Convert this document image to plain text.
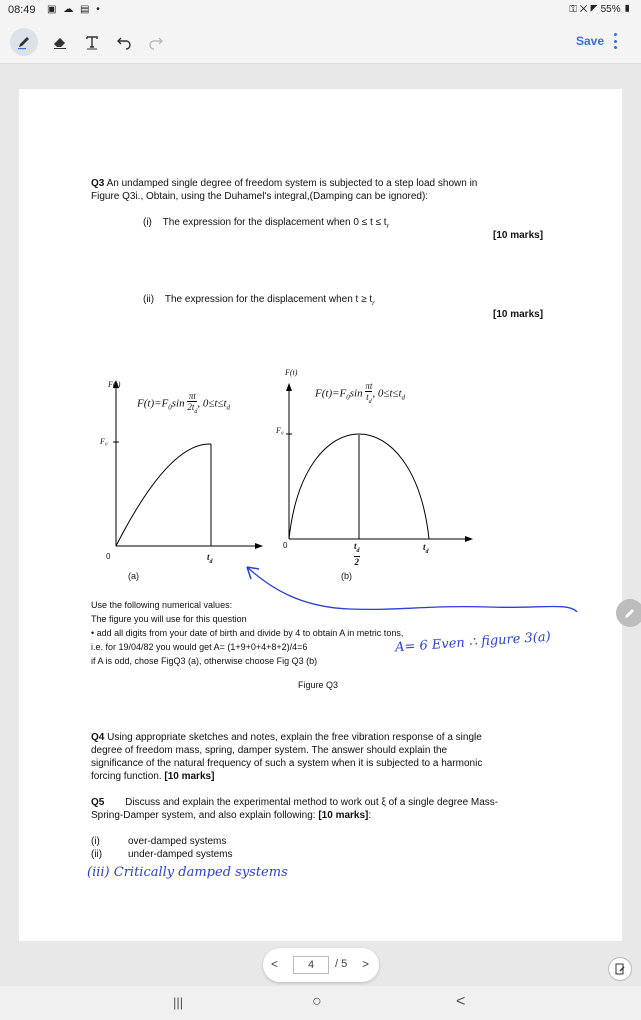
08:49 ▣ ☁ ▤ •	⚿ ✕ ◤ 55% ▮
Save
Q3 An undamped single degree of freedom system is subjected to a step load shown in
Figure Q3i., Obtain, using the Duhamel's integral,(Damping can be ignored):
(i) The expression for the displacement when $0 \le t \le t_r$
[10 marks]
(ii) The expression for the displacement when $t \ge t_r$
[10 marks]
F(t)
$F(t)=F_0\sin \frac{\pi t}{2t_d}$ , $0\le t\le t_d$
F₀
0	$t_d$
(a)
F(t)
$F(t)=F_0\sin \frac{\pi t}{t_d}$ , $0\le t\le t_d$
F₀
0	$t_d$
2
$t_d$
(b)
Use the following numerical values:
The figure you will use for this question
• add all digits from your date of birth and divide by 4 to obtain A in metric tons,
i.e. for 19/04/82 you would get A= (1+9+0+4+8+2)/4=6
if A is odd, chose FigQ3 (a), otherwise choose Fig Q3 (b)
A= 6 Even ∴ figure 3(a)
Figure Q3
Q4 Using appropriate sketches and notes, explain the free vibration response of a single
degree of freedom mass, spring, damper system. The answer should explain the
significance of the natural frequency of such a system when it is subjected to a harmonic
forcing function. [10 marks]
Q5 Discuss and explain the experimental method to work out ξ of a single degree Mass-
Spring-Damper system, and also explain following: [10 marks]:
(i)	over-damped systems
(ii)	under-damped systems
(iii) Critically damped systems
<	4	/ 5 >
|||	○	<
